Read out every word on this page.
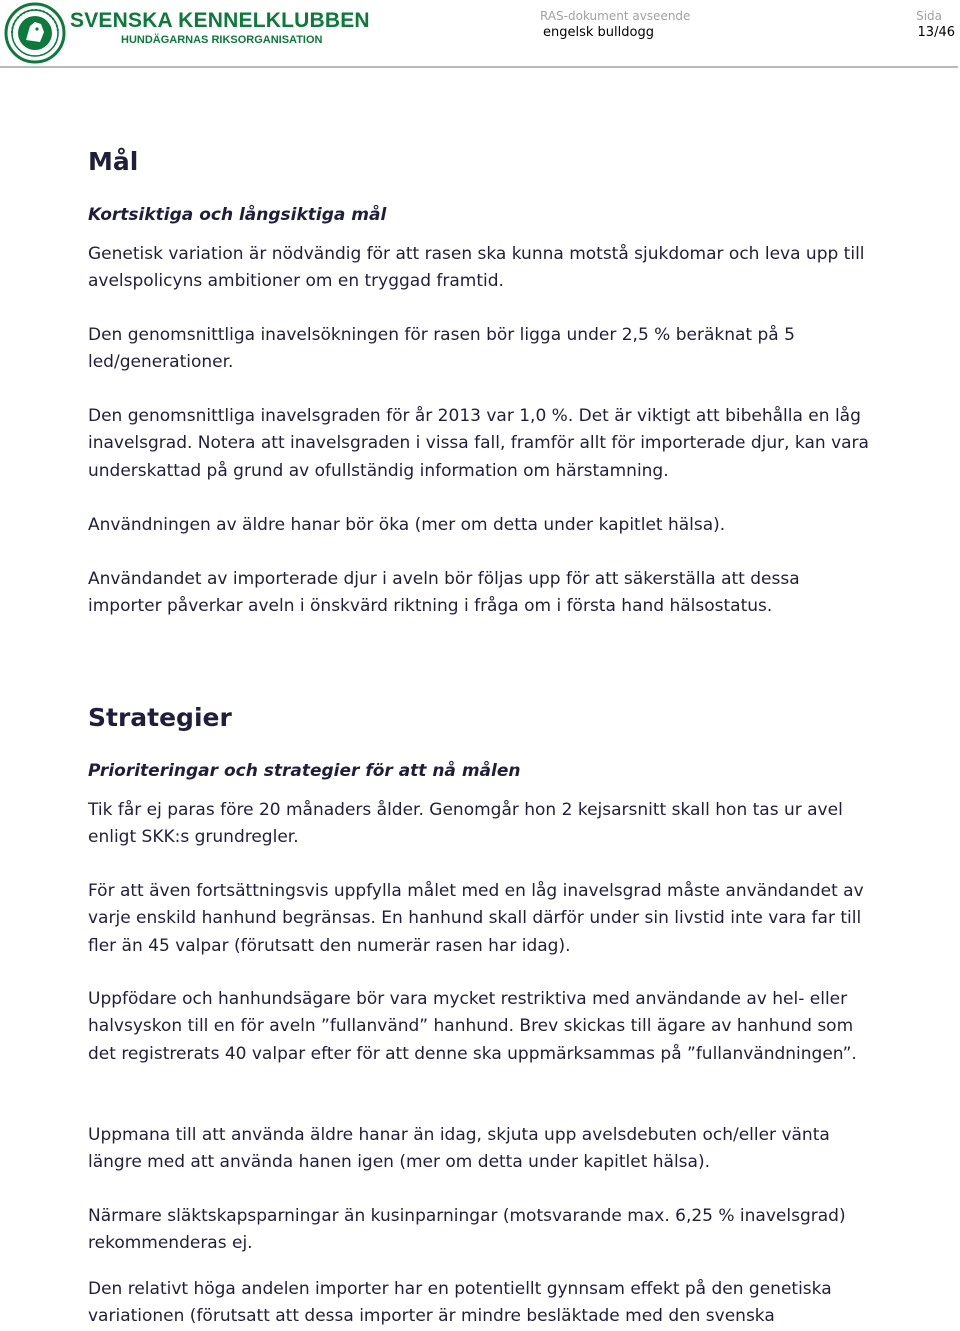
SVENSKA KENNELKLUBBEN
HUNDÄGARNAS RIKSORGANISATION
RAS-dokument avseende
engelsk bulldogg
Sida
13/46
Mål
Kortsiktiga och långsiktiga mål

Genetisk variation är nödvändig för att rasen ska kunna motstå sjukdomar och leva upp till avelspolicyns ambitioner om en tryggad framtid.

Den genomsnittliga inavelsökningen för rasen bör ligga under 2,5 % beräknat på 5 led/generationer.

Den genomsnittliga inavelsgraden för år 2013 var 1,0 %. Det är viktigt att bibehålla en låg inavelsgrad. Notera att inavelsgraden i vissa fall, framför allt för importerade djur, kan vara underskattad på grund av ofullständig information om härstamning.

Användningen av äldre hanar bör öka (mer om detta under kapitlet hälsa).

Användandet av importerade djur i aveln bör följas upp för att säkerställa att dessa importer påverkar aveln i önskvärd riktning i fråga om i första hand hälsostatus.

Strategier
Prioriteringar och strategier för att nå målen

Tik får ej paras före 20 månaders ålder. Genomgår hon 2 kejsarsnitt skall hon tas ur avel enligt SKK:s grundregler.

För att även fortsättningsvis uppfylla målet med en låg inavelsgrad måste användandet av varje enskild hanhund begränsas. En hanhund skall därför under sin livstid inte vara far till fler än 45 valpar (förutsatt den numerär rasen har idag).

Uppfödare och hanhundsägare bör vara mycket restriktiva med användande av hel- eller halvsyskon till en för aveln ”fullanvänd” hanhund. Brev skickas till ägare av hanhund som det registrerats 40 valpar efter för att denne ska uppmärksammas på ”fullanvändningen”.

Uppmana till att använda äldre hanar än idag, skjuta upp avelsdebuten och/eller vänta längre med att använda hanen igen (mer om detta under kapitlet hälsa).

Närmare släktskapsparningar än kusinparningar (motsvarande max. 6,25 % inavelsgrad) rekommenderas ej.

Den relativt höga andelen importer har en potentiellt gynnsam effekt på den genetiska variationen (förutsatt att dessa importer är mindre besläktade med den svenska
